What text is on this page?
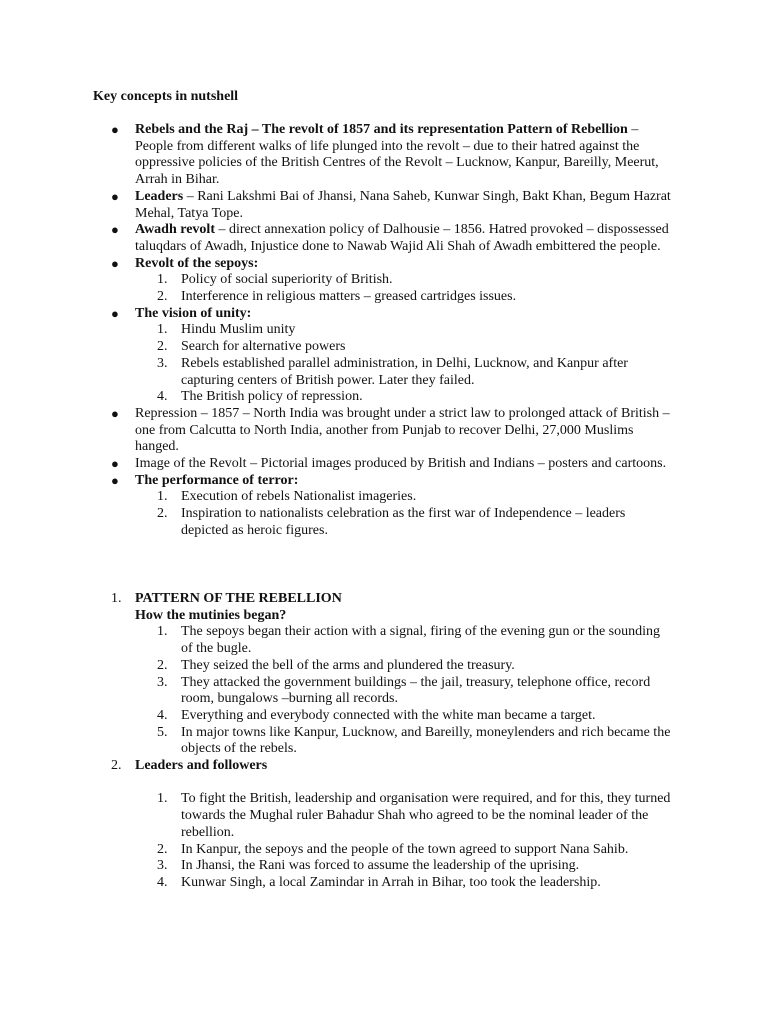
Key concepts in nutshell
● Rebels and the Raj – The revolt of 1857 and its representation Pattern of Rebellion – People from different walks of life plunged into the revolt – due to their hatred against the oppressive policies of the British Centres of the Revolt – Lucknow, Kanpur, Bareilly, Meerut, Arrah in Bihar.
● Leaders – Rani Lakshmi Bai of Jhansi, Nana Saheb, Kunwar Singh, Bakt Khan, Begum Hazrat Mehal, Tatya Tope.
● Awadh revolt – direct annexation policy of Dalhousie – 1856. Hatred provoked – dispossessed taluqdars of Awadh, Injustice done to Nawab Wajid Ali Shah of Awadh embittered the people.
● Revolt of the sepoys:
1. Policy of social superiority of British.
2. Interference in religious matters – greased cartridges issues.
● The vision of unity:
1. Hindu Muslim unity
2. Search for alternative powers
3. Rebels established parallel administration, in Delhi, Lucknow, and Kanpur after capturing centers of British power. Later they failed.
4. The British policy of repression.
● Repression – 1857 – North India was brought under a strict law to prolonged attack of British – one from Calcutta to North India, another from Punjab to recover Delhi, 27,000 Muslims hanged.
● Image of the Revolt – Pictorial images produced by British and Indians – posters and cartoons.
● The performance of terror:
1. Execution of rebels Nationalist imageries.
2. Inspiration to nationalists celebration as the first war of Independence – leaders depicted as heroic figures.
1. PATTERN OF THE REBELLION
How the mutinies began?
1. The sepoys began their action with a signal, firing of the evening gun or the sounding of the bugle.
2. They seized the bell of the arms and plundered the treasury.
3. They attacked the government buildings – the jail, treasury, telephone office, record room, bungalows –burning all records.
4. Everything and everybody connected with the white man became a target.
5. In major towns like Kanpur, Lucknow, and Bareilly, moneylenders and rich became the objects of the rebels.
2. Leaders and followers
1. To fight the British, leadership and organisation were required, and for this, they turned towards the Mughal ruler Bahadur Shah who agreed to be the nominal leader of the rebellion.
2. In Kanpur, the sepoys and the people of the town agreed to support Nana Sahib.
3. In Jhansi, the Rani was forced to assume the leadership of the uprising.
4. Kunwar Singh, a local Zamindar in Arrah in Bihar, too took the leadership.
